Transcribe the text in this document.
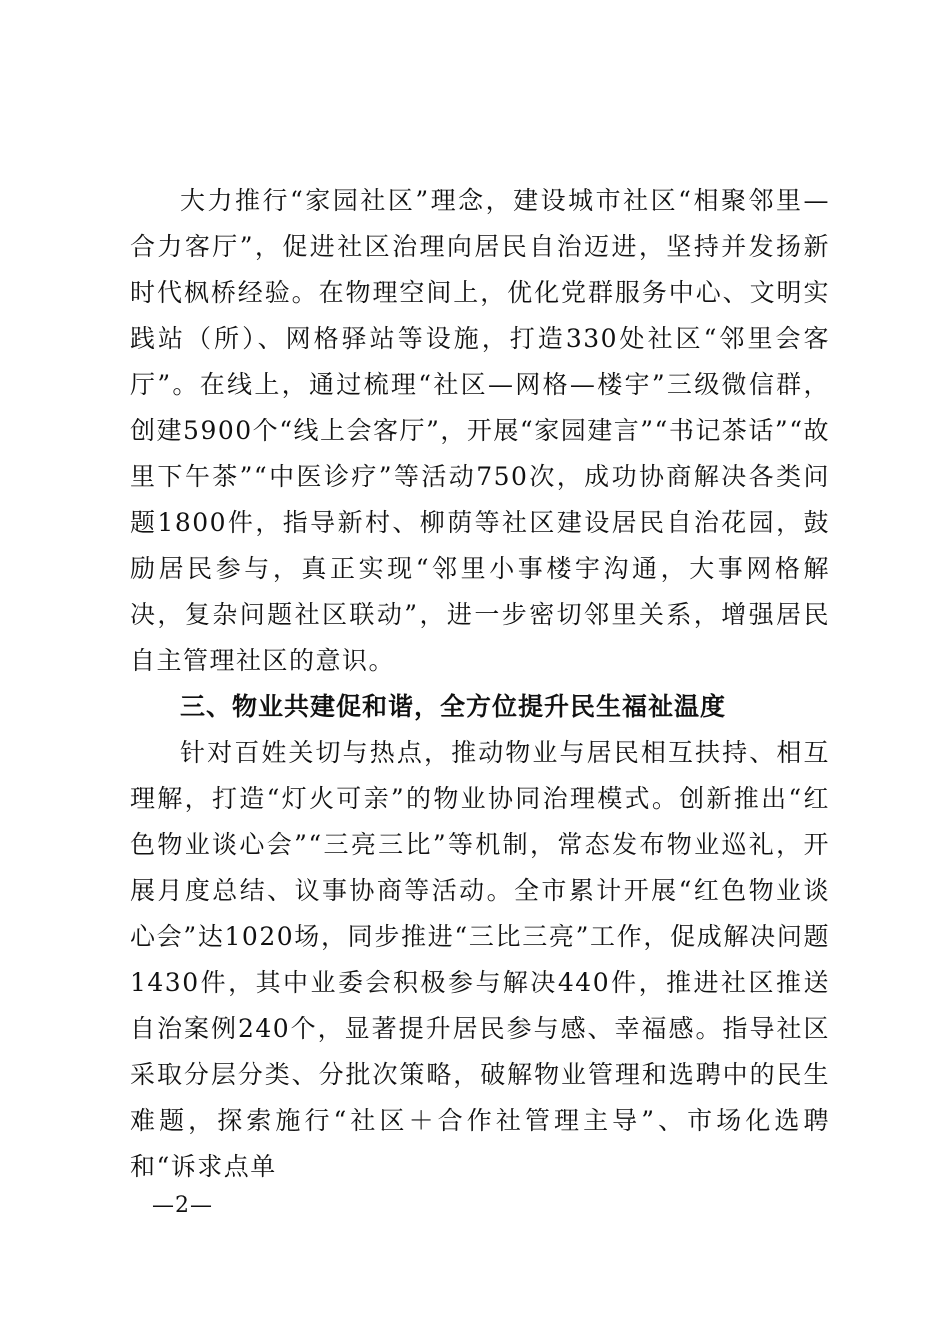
大力推行“家园社区”理念，建设城市社区“相聚邻里—合力客厅”，促进社区治理向居民自治迈进，坚持并发扬新时代枫桥经验。在物理空间上，优化党群服务中心、文明实践站（所）、网格驿站等设施，打造330处社区“邻里会客厅”。在线上，通过梳理“社区—网格—楼宇”三级微信群，创建5900个“线上会客厅”，开展“家园建言”“书记茶话”“故里下午茶”“中医诊疗”等活动750次，成功协商解决各类问题1800件，指导新村、柳荫等社区建设居民自治花园，鼓励居民参与，真正实现“邻里小事楼宇沟通，大事网格解决，复杂问题社区联动”，进一步密切邻里关系，增强居民自主管理社区的意识。

三、物业共建促和谐，全方位提升民生福祉温度

针对百姓关切与热点，推动物业与居民相互扶持、相互理解，打造“灯火可亲”的物业协同治理模式。创新推出“红色物业谈心会”“三亮三比”等机制，常态发布物业巡礼，开展月度总结、议事协商等活动。全市累计开展“红色物业谈心会”达1020场，同步推进“三比三亮”工作，促成解决问题1430件，其中业委会积极参与解决440件，推进社区推送自治案例240个，显著提升居民参与感、幸福感。指导社区采取分层分类、分批次策略，破解物业管理和选聘中的民生难题，探索施行“社区＋合作社管理主导”、市场化选聘和“诉求点单

—2—
